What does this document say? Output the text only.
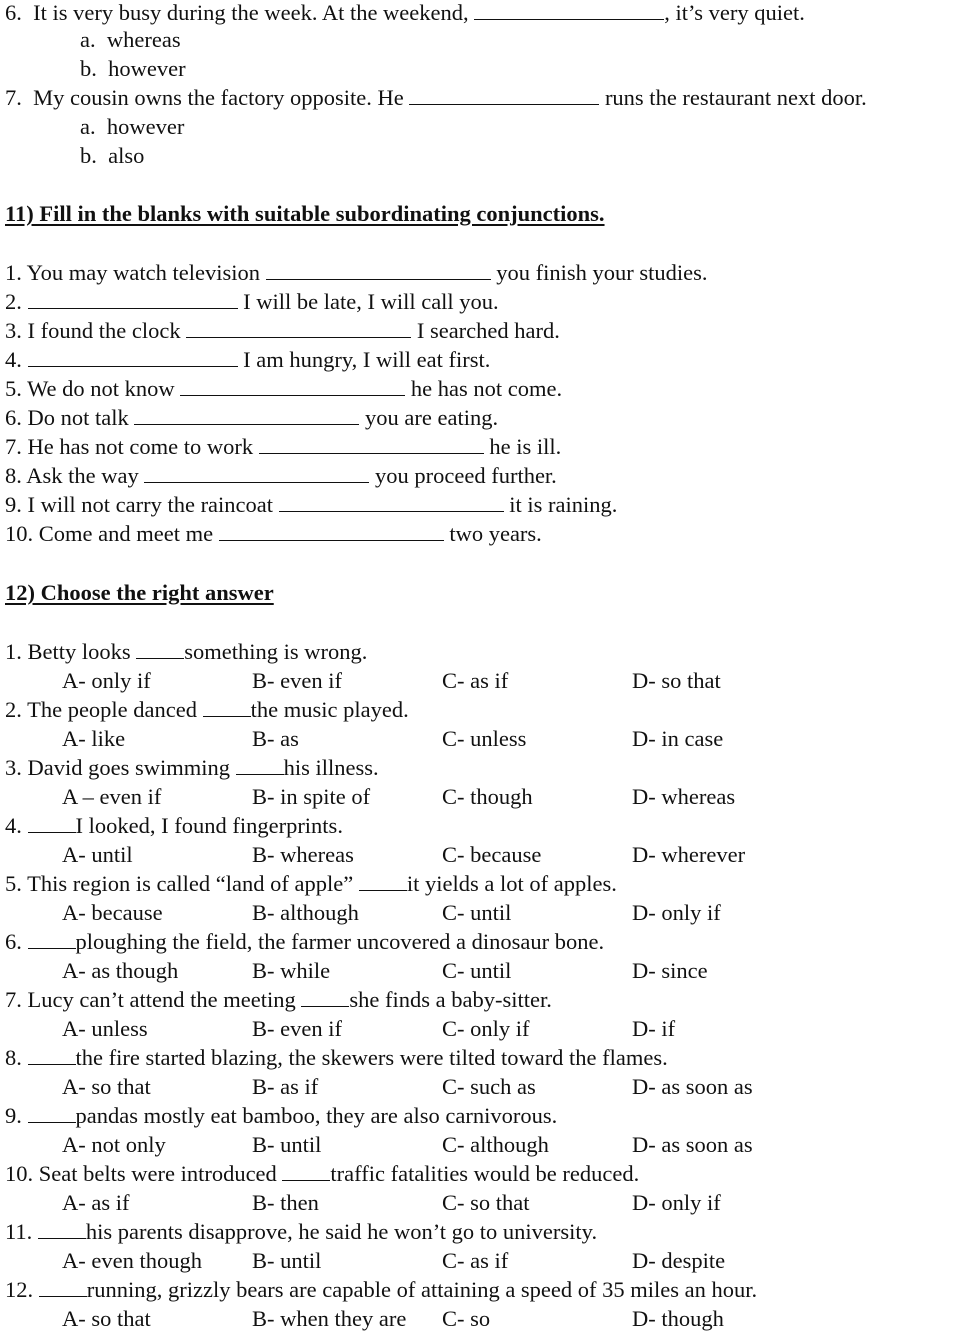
6. It is very busy during the week. At the weekend,	, it’s very quiet.
a. whereas
b. however
7. My cousin owns the factory opposite. He	runs the restaurant next door.
a. however
b. also
11) Fill in the blanks with suitable subordinating conjunctions.
1. You may watch television	you finish your studies.
2.	I will be late, I will call you.
3. I found the clock	I searched hard.
4.	I am hungry, I will eat first.
5. We do not know	he has not come.
6. Do not talk	you are eating.
7. He has not come to work	he is ill.
8. Ask the way	you proceed further.
9. I will not carry the raincoat	it is raining.
10. Come and meet me	two years.
12) Choose the right answer
1. Betty looks something is wrong.
A- only if	B- even if	C- as if	D- so that
2. The people danced the music played.
A- like	B- as	C- unless	D- in case
3. David goes swimming his illness.
A – even if	B- in spite of	C- though	D- whereas
4. I looked, I found fingerprints.
A- until	B- whereas	C- because	D- wherever
5. This region is called “land of apple” it yields a lot of apples.
A- because	B- although	C- until	D- only if
6. ploughing the field, the farmer uncovered a dinosaur bone.
A- as though	B- while	C- until	D- since
7. Lucy can’t attend the meeting she finds a baby-sitter.
A- unless	B- even if	C- only if	D- if
8. the fire started blazing, the skewers were tilted toward the flames.
A- so that	B- as if	C- such as	D- as soon as
9. pandas mostly eat bamboo, they are also carnivorous.
A- not only	B- until	C- although	D- as soon as
10. Seat belts were introduced traffic fatalities would be reduced.
A- as if	B- then	C- so that	D- only if
11. his parents disapprove, he said he won’t go to university.
A- even though B- until	C- as if	D- despite
12. running, grizzly bears are capable of attaining a speed of 35 miles an hour.
A- so that	B- when they are C- so	D- though
